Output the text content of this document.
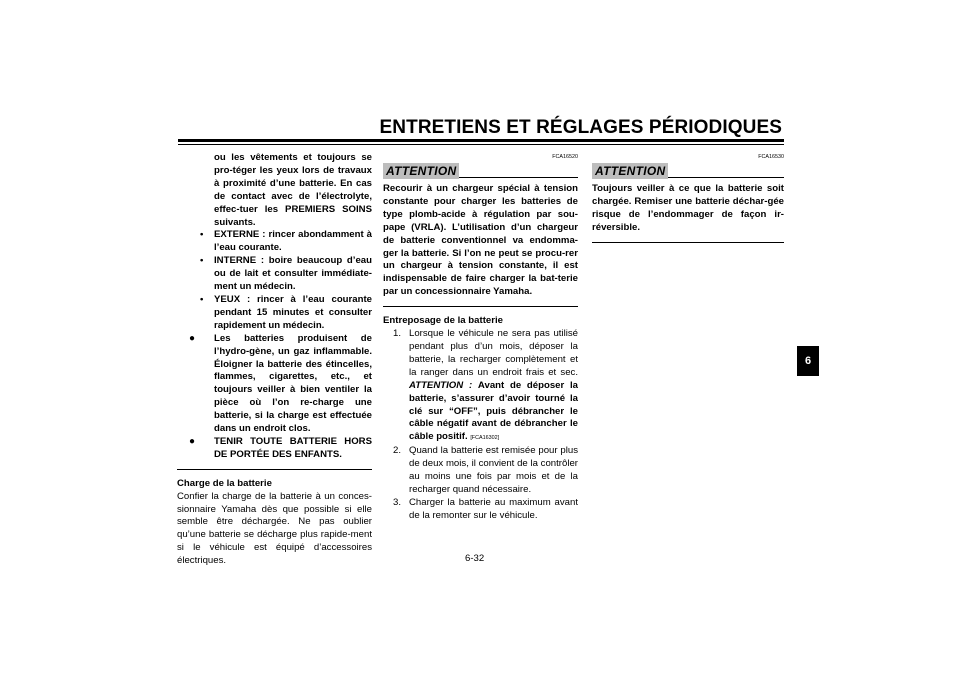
ENTRETIENS ET RÉGLAGES PÉRIODIQUES
ou les vêtements et toujours se pro-téger les yeux lors de travaux à proximité d’une batterie. En cas de contact avec de l’électrolyte, effec-tuer les PREMIERS SOINS suivants.
•	EXTERNE : rincer abondamment à l’eau courante.
•	INTERNE : boire beaucoup d’eau ou de lait et consulter immédiate-ment un médecin.
•	YEUX : rincer à l’eau courante pendant 15 minutes et consulter rapidement un médecin.
●	Les batteries produisent de l’hydro-gène, un gaz inflammable. Éloigner la batterie des étincelles, flammes, cigarettes, etc., et toujours veiller à bien ventiler la pièce où l’on re-charge une batterie, si la charge est effectuée dans un endroit clos.
●	TENIR TOUTE BATTERIE HORS DE PORTÉE DES ENFANTS.
Charge de la batterie
Confier la charge de la batterie à un conces-sionnaire Yamaha dès que possible si elle semble être déchargée. Ne pas oublier qu’une batterie se décharge plus rapide-ment si le véhicule est équipé d’accessoires électriques.
FCA16520
ATTENTION
Recourir à un chargeur spécial à tension constante pour charger les batteries de type plomb-acide à régulation par sou-pape (VRLA). L’utilisation d’un chargeur de batterie conventionnel va endomma-ger la batterie. Si l’on ne peut se procu-rer un chargeur à tension constante, il est indispensable de faire charger la bat-terie par un concessionnaire Yamaha.
Entreposage de la batterie
1. Lorsque le véhicule ne sera pas utilisé pendant plus d’un mois, déposer la batterie, la recharger complètement et la ranger dans un endroit frais et sec. ATTENTION : Avant de déposer la batterie, s’assurer d’avoir tourné la clé sur “OFF”, puis débrancher le câble négatif avant de débrancher le câble positif. [FCA16302]
2. Quand la batterie est remisée pour plus de deux mois, il convient de la contrôler au moins une fois par mois et de la recharger quand nécessaire.
3. Charger la batterie au maximum avant de la remonter sur le véhicule.
FCA16530
ATTENTION
Toujours veiller à ce que la batterie soit chargée. Remiser une batterie déchar-gée risque de l’endommager de façon ir-réversible.
6
6-32
